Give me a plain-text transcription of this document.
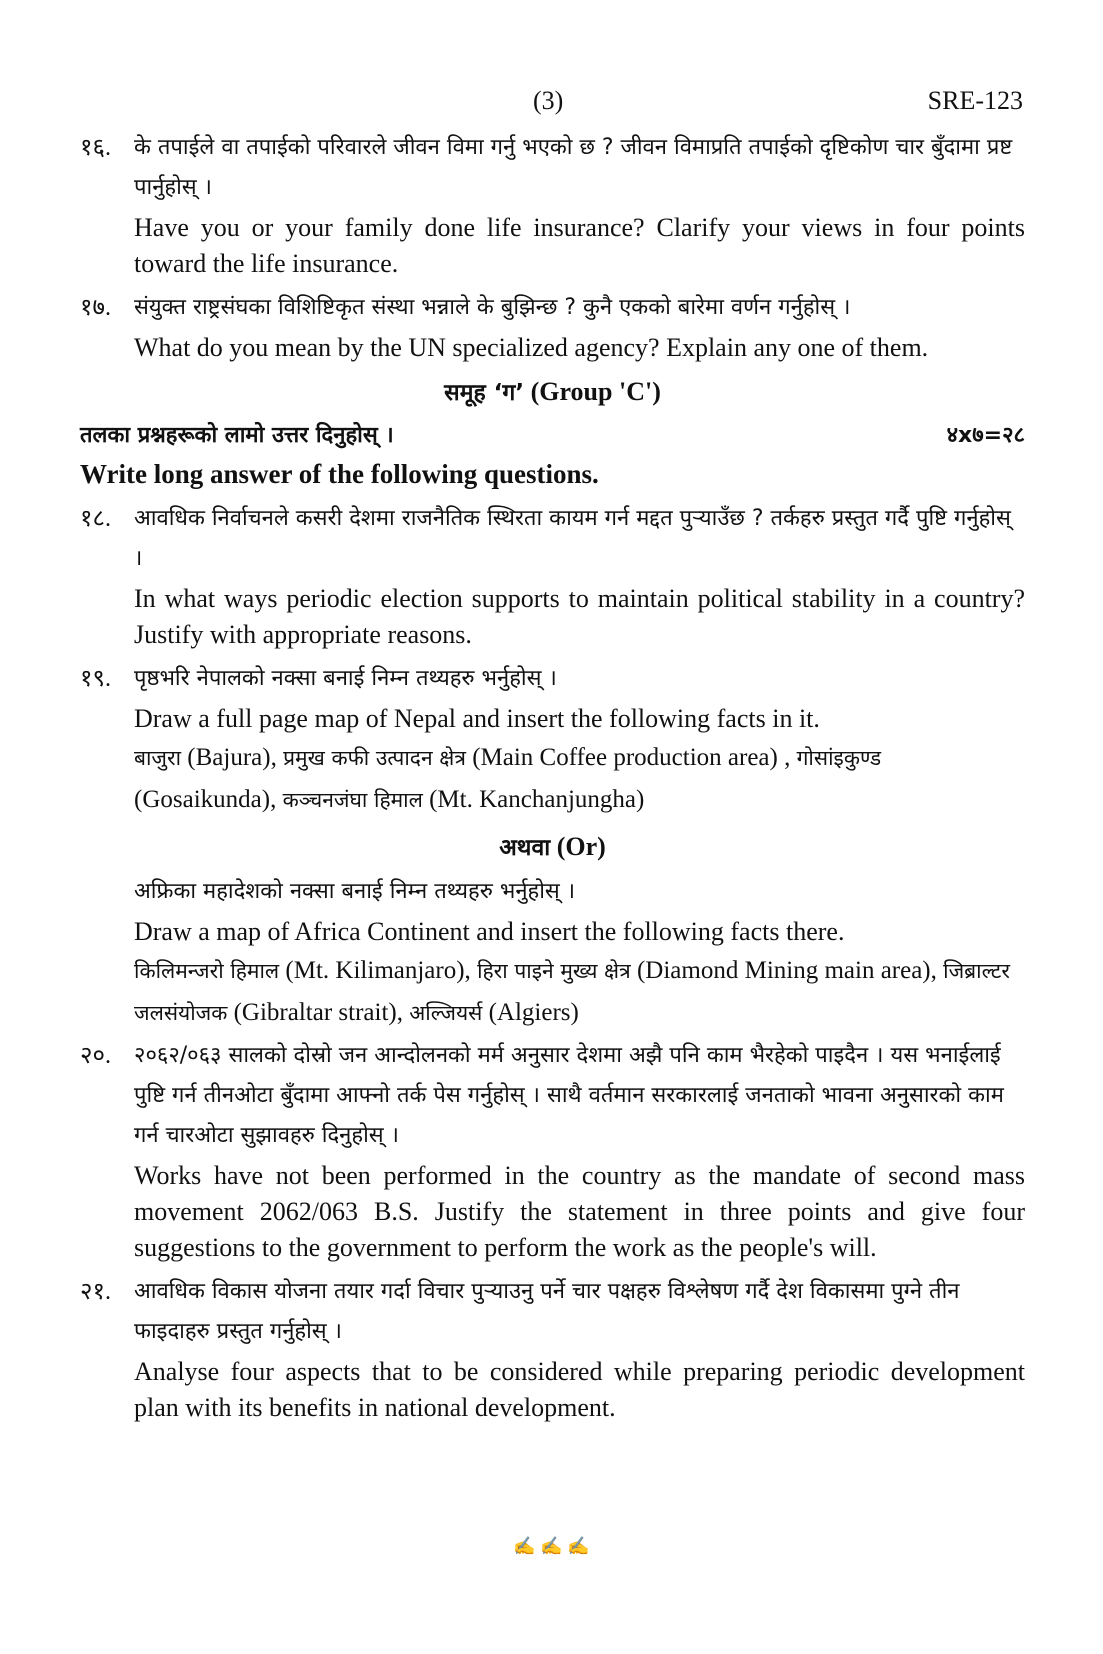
(3)	SRE-123
१६. के तपाईले वा तपाईको परिवारले जीवन विमा गर्नु भएको छ ? जीवन विमाप्रति तपाईको दृष्टिकोण चार बुँदामा प्रष्ट पार्नुहोस् ।

Have you or your family done life insurance? Clarify your views in four points toward the life insurance.

१७. संयुक्त राष्ट्रसंघका विशिष्टिकृत संस्था भन्नाले के बुझिन्छ ? कुनै एकको बारेमा वर्णन गर्नुहोस् ।

What do you mean by the UN specialized agency? Explain any one of them.

समूह ‘ग’ (Group 'C')

तलका प्रश्नहरूको लामो उत्तर दिनुहोस् ।	४x७=२८

Write long answer of the following questions.

१८. आवधिक निर्वाचनले कसरी देशमा राजनैतिक स्थिरता कायम गर्न मद्दत पुऱ्याउँछ ? तर्कहरु प्रस्तुत गर्दै पुष्टि गर्नुहोस् ।

In what ways periodic election supports to maintain political stability in a country? Justify with appropriate reasons.

१९. पृष्ठभरि नेपालको नक्सा बनाई निम्न तथ्यहरु भर्नुहोस् ।

Draw a full page map of Nepal and insert the following facts in it.

बाजुरा (Bajura), प्रमुख कफी उत्पादन क्षेत्र (Main Coffee production area) , गोसांइकुण्ड (Gosaikunda), कञ्चनजंघा हिमाल (Mt. Kanchanjungha)

अथवा (Or)

अफ्रिका महादेशको नक्सा बनाई निम्न तथ्यहरु भर्नुहोस् ।

Draw a map of Africa Continent and insert the following facts there.

किलिमन्जरो हिमाल (Mt. Kilimanjaro), हिरा पाइने मुख्य क्षेत्र (Diamond Mining main area), जिब्राल्टर जलसंयोजक (Gibraltar strait), अल्जियर्स (Algiers)

२०. २०६२/०६३ सालको दोस्रो जन आन्दोलनको मर्म अनुसार देशमा अझै पनि काम भैरहेको पाइदैन । यस भनाईलाई पुष्टि गर्न तीनओटा बुँदामा आफ्नो तर्क पेस गर्नुहोस् । साथै वर्तमान सरकारलाई जनताको भावना अनुसारको काम गर्न चारओटा सुझावहरु दिनुहोस् ।

Works have not been performed in the country as the mandate of second mass movement 2062/063 B.S. Justify the statement in three points and give four suggestions to the government to perform the work as the people's will.

२१. आवधिक विकास योजना तयार गर्दा विचार पुऱ्याउनु पर्ने चार पक्षहरु विश्लेषण गर्दै देश विकासमा पुग्ने तीन फाइदाहरु प्रस्तुत गर्नुहोस् ।

Analyse four aspects that to be considered while preparing periodic development plan with its benefits in national development.

✍ ✍ ✍
